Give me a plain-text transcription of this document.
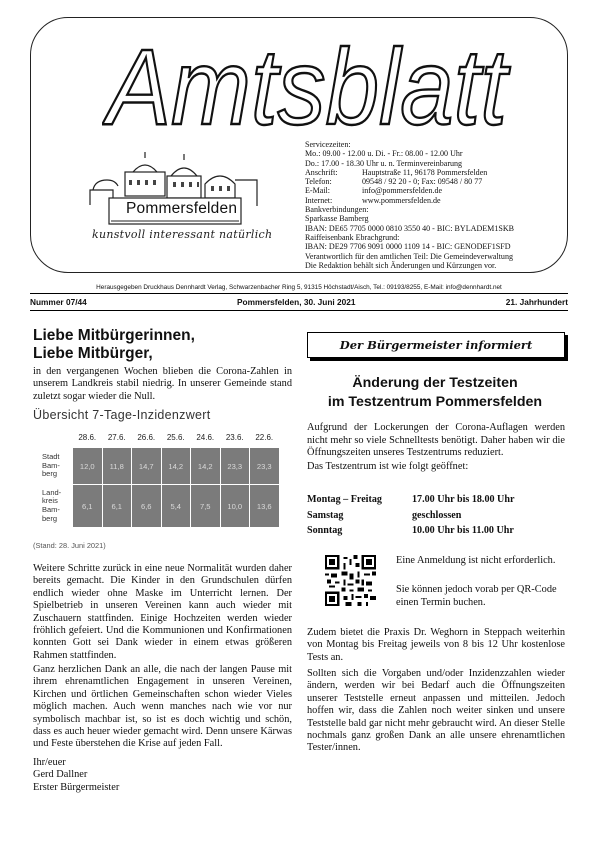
Amtsblatt
Pommersfelden
kunstvoll interessant natürlich
Servicezeiten:
Mo.: 09.00 - 12.00 u. Di. - Fr.: 08.00 - 12.00 Uhr
Do.: 17.00 - 18.30 Uhr u. n. Terminvereinbarung
Anschrift:	Hauptstraße 11, 96178 Pommersfelden
Telefon:	09548 / 92 20 - 0; Fax: 09548 / 80 77
E-Mail:	info@pommersfelden.de
Internet:	www.pommersfelden.de
Bankverbindungen:
Sparkasse Bamberg
IBAN: DE65 7705 0000 0810 3550 40 - BIC: BYLADEM1SKB
Raiffeisenbank Ebrachgrund:
IBAN: DE29 7706 9091 0000 1109 14 - BIC: GENODEF1SFD
Verantwortlich für den amtlichen Teil: Die Gemeindeverwaltung
Die Redaktion behält sich Änderungen und Kürzungen vor.
Herausgegeben Druckhaus Dennhardt Verlag, Schwarzenbacher Ring 5, 91315 Höchstadt/Aisch, Tel.: 09193/8255, E-Mail: info@dennhardt.net
Nummer 07/44	Pommersfelden, 30. Juni 2021	21. Jahrhundert
Liebe Mitbürgerinnen,
Liebe Mitbürger,
in den vergangenen Wochen blieben die Corona-Zahlen in unserem Landkreis stabil niedrig. In unserer Gemeinde stand zuletzt sogar wieder die Null.
Übersicht 7-Tage-Inzidenzwert
	28.6.	27.6.	26.6.	25.6.	24.6.	23.6.	22.6.
Stadt
Bam-
berg	12,0	11,8	14,7	14,2	14,2	23,3	23,3
Land-
kreis
Bam-
berg	6,1	6,1	6,6	5,4	7,5	10,0	13,6
(Stand: 28. Juni 2021)
Weitere Schritte zurück in eine neue Normalität wurden daher bereits gemacht. Die Kinder in den Grundschulen dürfen endlich wieder ohne Maske im Unterricht lernen. Der Spielbetrieb in unseren Vereinen kann auch wieder mit Zuschauern stattfinden. Einige Hochzeiten werden wieder fröhlich gefeiert. Und die Kommunionen und Konfirmationen konnten Gott sei Dank wieder in einem etwas größeren Rahmen stattfinden.
Ganz herzlichen Dank an alle, die nach der langen Pause mit ihrem ehrenamtlichen Engagement in unseren Vereinen, Kirchen und örtlichen Gemeinschaften schon wieder Vieles möglich machen. Auch wenn manches nach wie vor nur symbolisch machbar ist, so ist es doch wichtig und schön, dass es auch heuer wieder gemacht wird. Denn unsere Kärwas und Feste überstehen die Krise auf jeden Fall.
Ihr/euer
Gerd Dallner
Erster Bürgermeister
Der Bürgermeister informiert
Änderung der Testzeiten
im Testzentrum Pommersfelden
Aufgrund der Lockerungen der Corona-Auflagen werden nicht mehr so viele Schnelltests benötigt. Daher haben wir die Öffnungszeiten unseres Testzentrums reduziert.
Das Testzentrum ist wie folgt geöffnet:
Montag – Freitag	17.00 Uhr bis 18.00 Uhr
Samstag	geschlossen
Sonntag	10.00 Uhr bis 11.00 Uhr
Eine Anmeldung ist nicht erforderlich.
Sie können jedoch vorab per QR-Code einen Termin buchen.
Zudem bietet die Praxis Dr. Weghorn in Steppach weiterhin von Montag bis Freitag jeweils von 8 bis 12 Uhr kostenlose Tests an.
Sollten sich die Vorgaben und/oder Inzidenzzahlen wieder ändern, werden wir bei Bedarf auch die Öffnungszeiten unserer Teststelle erneut anpassen und mitteilen. Jedoch hoffen wir, dass die Zahlen noch weiter sinken und unsere Teststelle bald gar nicht mehr gebraucht wird. An dieser Stelle nochmals ganz großen Dank an alle unsere ehrenamtlichen Tester/innen.
